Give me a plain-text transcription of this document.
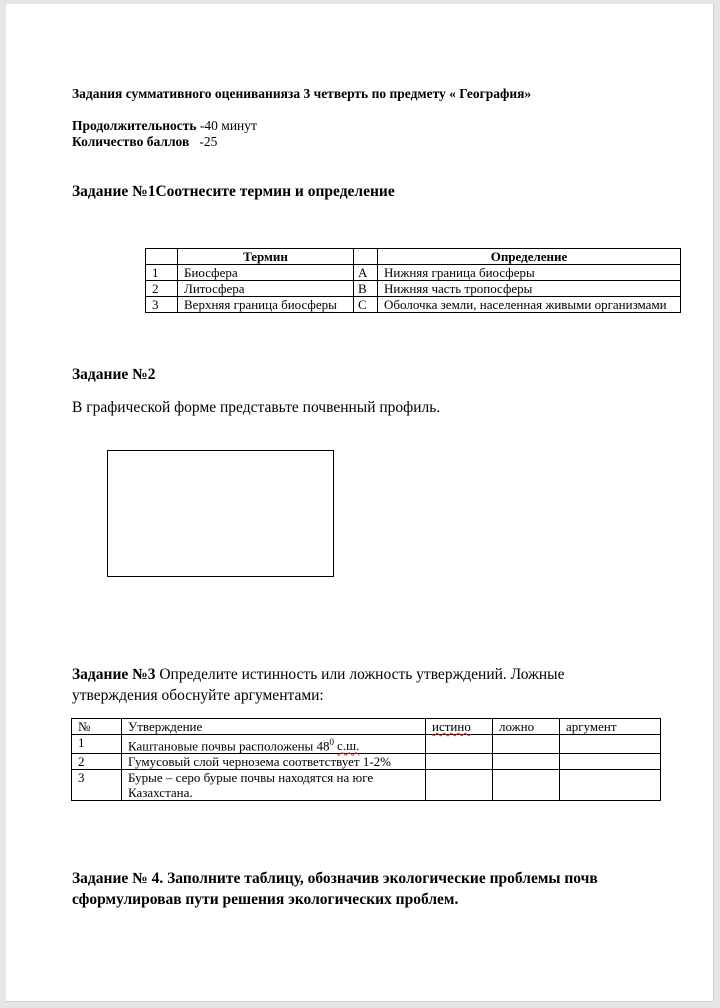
Задания суммативного оцениванияза 3 четверть по предмету « География»
Продолжительность -40 минут
Количество баллов   -25
Задание №1Соотнесите термин и определение
	Термин		Определение
1	Биосфера	A	Нижняя граница биосферы
2	Литосфера	B	Нижняя часть тропосферы
3	Верхняя граница биосферы	C	Оболочка земли, населенная живыми организмами
Задание №2
В графической форме представьте почвенный профиль.
Задание №3 Определите истинность или ложность утверждений. Ложные утверждения обоснуйте аргументами:
№	Утверждение	истино	ложно	аргумент
1	Каштановые почвы расположены $48^0$ с.ш.			
2	Гумусовый слой чернозема соответствует 1-2%			
3	Бурые – серо бурые почвы находятся на юге Казахстана.			
Задание № 4. Заполните таблицу, обозначив экологические проблемы почв сформулировав пути решения экологических проблем.
